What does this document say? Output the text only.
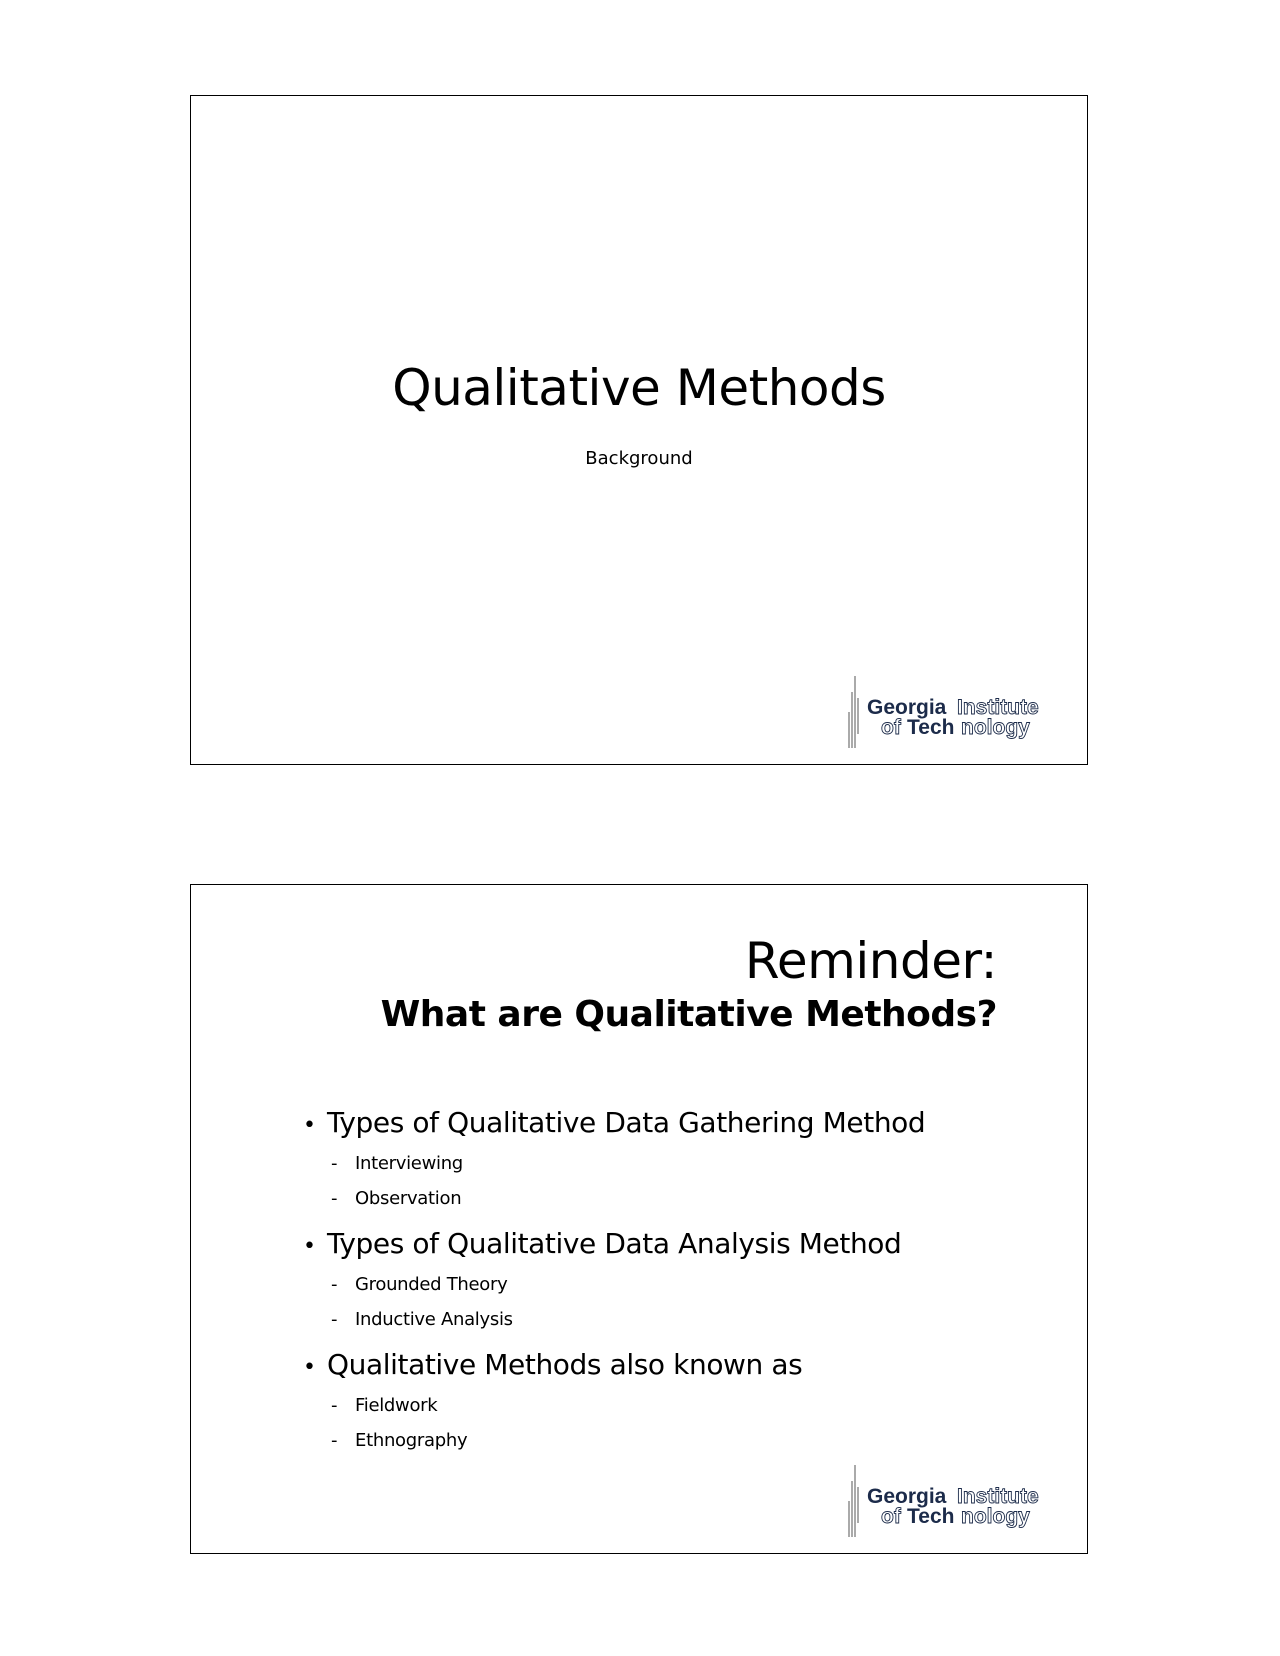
Qualitative Methods

Background

Georgia Institute
of Tech nology
Reminder:
What are Qualitative Methods?
• Types of Qualitative Data Gathering Method
- Interviewing
- Observation
• Types of Qualitative Data Analysis Method
- Grounded Theory
- Inductive Analysis
• Qualitative Methods also known as
- Fieldwork
- Ethnography
Georgia Institute
of Tech nology
